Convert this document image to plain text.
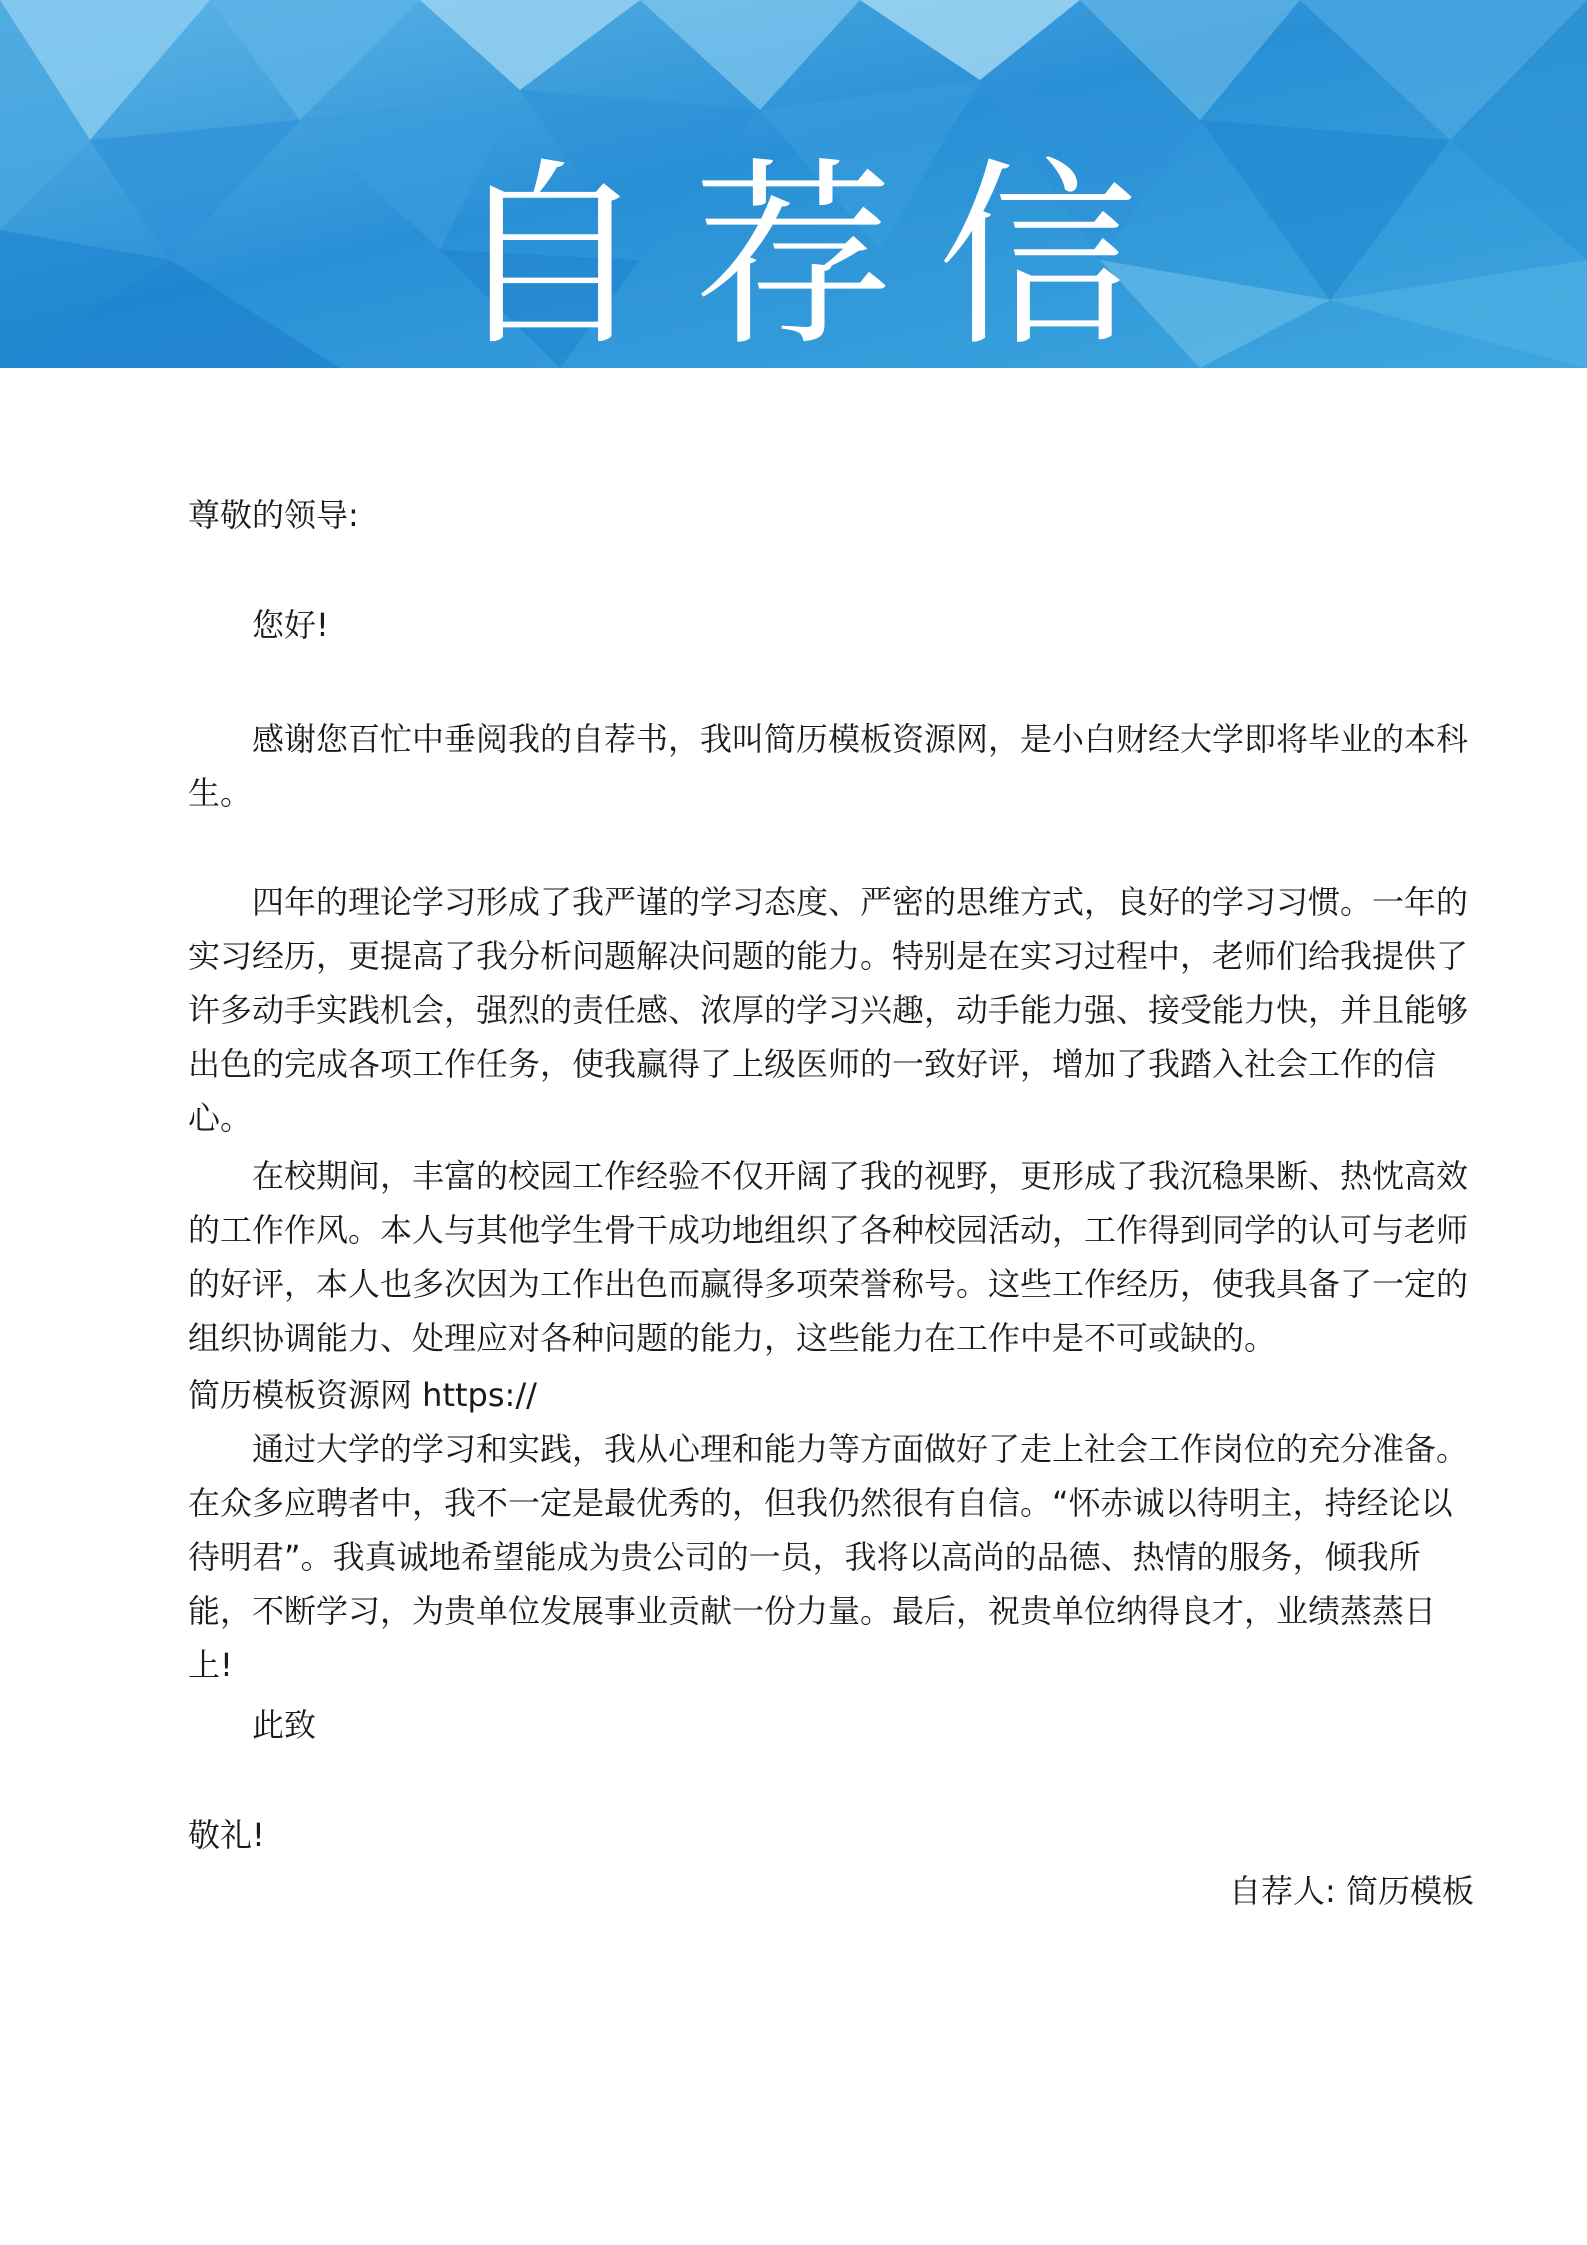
自荐信

尊敬的领导:

您好!

感谢您百忙中垂阅我的自荐书，我叫简历模板资源网，是小白财经大学即将毕业的本科生。

四年的理论学习形成了我严谨的学习态度、严密的思维方式，良好的学习习惯。一年的实习经历，更提高了我分析问题解决问题的能力。特别是在实习过程中，老师们给我提供了许多动手实践机会，强烈的责任感、浓厚的学习兴趣，动手能力强、接受能力快，并且能够出色的完成各项工作任务，使我赢得了上级医师的一致好评，增加了我踏入社会工作的信心。

在校期间，丰富的校园工作经验不仅开阔了我的视野，更形成了我沉稳果断、热忱高效的工作作风。本人与其他学生骨干成功地组织了各种校园活动，工作得到同学的认可与老师的好评，本人也多次因为工作出色而赢得多项荣誉称号。这些工作经历，使我具备了一定的组织协调能力、处理应对各种问题的能力，这些能力在工作中是不可或缺的。

简历模板资源网 https://

通过大学的学习和实践，我从心理和能力等方面做好了走上社会工作岗位的充分准备。在众多应聘者中，我不一定是最优秀的，但我仍然很有自信。“怀赤诚以待明主，持经论以待明君”。我真诚地希望能成为贵公司的一员，我将以高尚的品德、热情的服务，倾我所能，不断学习，为贵单位发展事业贡献一份力量。最后，祝贵单位纳得良才，业绩蒸蒸日上!

此致

敬礼!

自荐人: 简历模板
